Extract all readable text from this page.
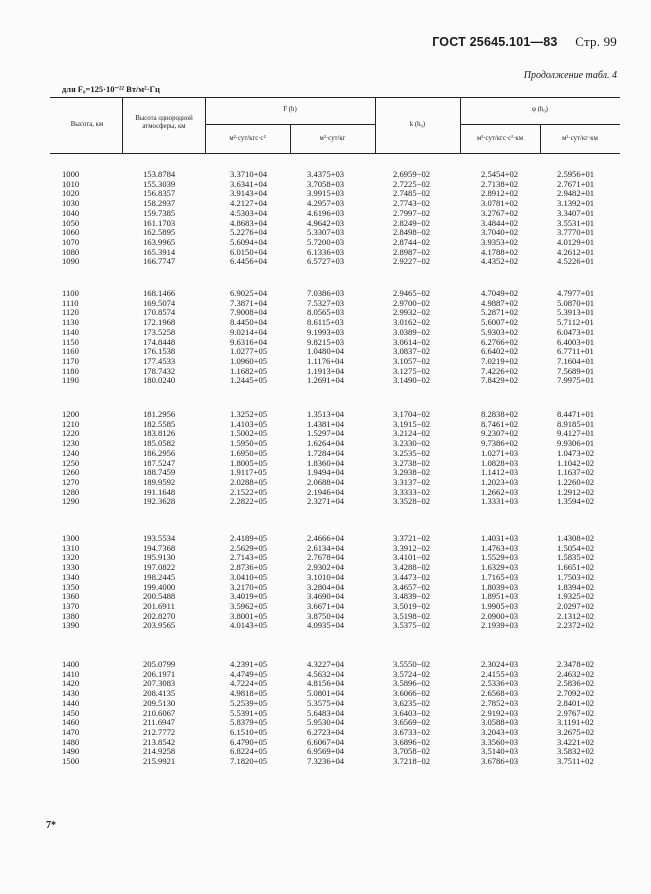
ГОСТ 25645.101—83 Стр. 99
Продолжение табл. 4
для F₀=125·10⁻²² Вт/м²·Гц
Высота, км
Высота однородной атмосферы, км
F (h)
м²·сут/кгс·с²	м²·сут/кг
k (h₀)
φ (h₀)
м²·сут/кгс·с²·км	м²·сут/кг·км
1000	153.8784	3.3710+04	3.4375+03	2.6959−02	2.5454+02	2.5956+01
1010	155.3039	3.6341+04	3.7058+03	2.7225−02	2.7138+02	2.7671+01
1020	156.8357	3.9143+04	3.9915+03	2.7485−02	2.8912+02	2.9482+01
1030	158.2937	4.2127+04	4.2957+03	2.7743−02	3.0781+02	3.1392+01
1040	159.7385	4.5303+04	4.6196+03	2.7997−02	3.2767+02	3.3407+01
1050	161.1703	4.8683+04	4.9642+03	2.8249−02	3.4844+02	3.5531+01
1060	162.5895	5.2276+04	5.3307+03	2.8498−02	3.7040+02	3.7770+01
1070	163.9965	5.6094+04	5.7200+03	2.8744−02	3.9353+02	4.0129+01
1080	165.3914	6.0150+04	6.1336+03	2.8987−02	4.1788+02	4.2612+01
1090	166.7747	6.4456+04	6.5727+03	2.9227−02	4.4352+02	4.5226+01
1100	168.1466	6.9025+04	7.0386+03	2.9465−02	4.7049+02	4.7977+01
1110	169.5074	7.3871+04	7.5327+03	2.9700−02	4.9887+02	5.0870+01
1120	170.8574	7.9008+04	8.0565+03	2.9932−02	5.2871+02	5.3913+01
1130	172.1968	8.4450+04	8.6115+03	3.0162−02	5.6007+02	5.7112+01
1140	173.5258	9.0214+04	9.1993+03	3.0389−02	5.9303+02	6.0473+01
1150	174.8448	9.6316+04	9.8215+03	3.0614−02	6.2766+02	6.4003+01
1160	176.1538	1.0277+05	1.0480+04	3.0837−02	6.6402+02	6.7711+01
1170	177.4533	1.0960+05	1.1176+04	3.1057−02	7.0219+02	7.1604+01
1180	178.7432	1.1682+05	1.1913+04	3.1275−02	7.4226+02	7.5689+01
1190	180.0240	1.2445+05	1.2691+04	3.1490−02	7.8429+02	7.9975+01
1200	181.2956	1.3252+05	1.3513+04	3.1704−02	8.2838+02	8.4471+01
1210	182.5585	1.4103+05	1.4381+04	3.1915−02	8.7461+02	8.9185+01
1220	183.8126	1.5002+05	1.5297+04	3.2124−02	9.2307+02	9.4127+01
1230	185.0582	1.5950+05	1.6264+04	3.2330−02	9.7386+02	9.9306+01
1240	186.2956	1.6950+05	1.7284+04	3.2535−02	1.0271+03	1.0473+02
1250	187.5247	1.8005+05	1.8360+04	3.2738−02	1.0828+03	1.1042+02
1260	188.7459	1.9117+05	1.9494+04	3.2938−02	1.1412+03	1.1637+02
1270	189.9592	2.0288+05	2.0688+04	3.3137−02	1.2023+03	1.2260+02
1280	191.1648	2.1522+05	2.1946+04	3.3333−02	1.2662+03	1.2912+02
1290	192.3628	2.2822+05	2.3271+04	3.3528−02	1.3331+03	1.3594+02
1300	193.5534	2.4189+05	2.4666+04	3.3721−02	1.4031+03	1.4308+02
1310	194.7368	2.5629+05	2.6134+04	3.3912−02	1.4763+03	1.5054+02
1320	195.9130	2.7143+05	2.7678+04	3.4101−02	1.5529+03	1.5835+02
1330	197.0822	2.8736+05	2.9302+04	3.4288−02	1.6329+03	1.6651+02
1340	198.2445	3.0410+05	3.1010+04	3.4473−02	1.7165+03	1.7503+02
1350	199.4000	3.2170+05	3.2804+04	3.4657−02	1.8039+03	1.8394+02
1360	200.5488	3.4019+05	3.4690+04	3.4839−02	1.8951+03	1.9325+02
1370	201.6911	3.5962+05	3.6671+04	3.5019−02	1.9905+03	2.0297+02
1380	202.8270	3.8001+05	3.8750+04	3.5198−02	2.0900+03	2.1312+02
1390	203.9565	4.0143+05	4.0935+04	3.5375−02	2.1939+03	2.2372+02
1400	205.0799	4.2391+05	4.3227+04	3.5550−02	2.3024+03	2.3478+02
1410	206.1971	4.4749+05	4.5632+04	3.5724−02	2.4155+03	2.4632+02
1420	207.3083	4.7224+05	4.8156+04	3.5896−02	2.5336+03	2.5836+02
1430	208.4135	4.9818+05	5.0801+04	3.6066−02	2.6568+03	2.7092+02
1440	209.5130	5.2539+05	5.3575+04	3.6235−02	2.7852+03	2.8401+02
1450	210.6067	5.5391+05	5.6483+04	3.6403−02	2.9192+03	2.9767+02
1460	211.6947	5.8379+05	5.9530+04	3.6569−02	3.0588+03	3.1191+02
1470	212.7772	6.1510+05	6.2723+04	3.6733−02	3.2043+03	3.2675+02
1480	213.8542	6.4790+05	6.6067+04	3.6896−02	3.3560+03	3.4221+02
1490	214.9258	6.8224+05	6.9569+04	3.7058−02	3.5140+03	3.5832+02
1500	215.9921	7.1820+05	7.3236+04	3.7218−02	3.6786+03	3.7511+02
7*
